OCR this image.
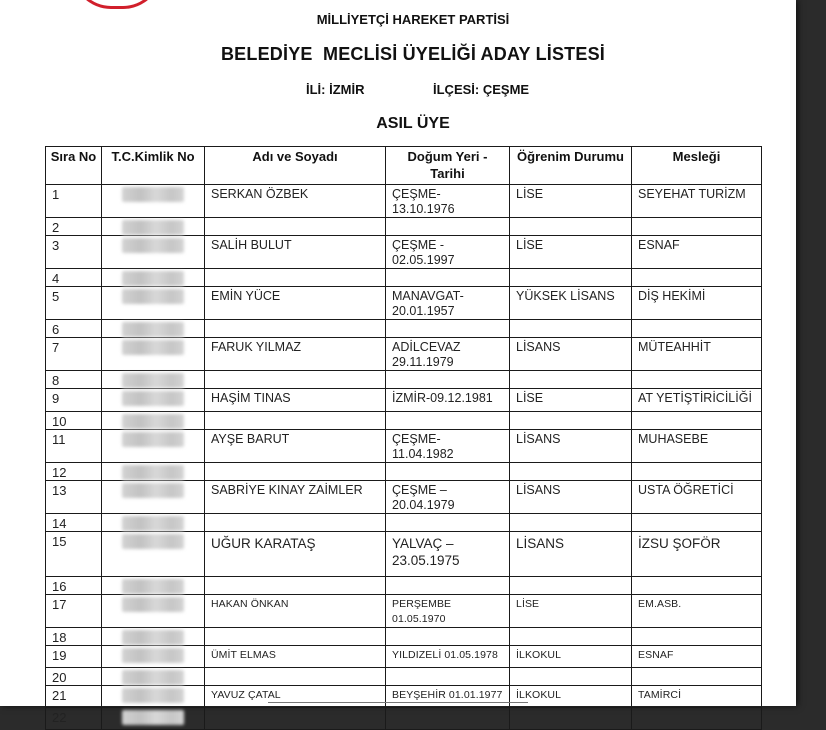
MİLLİYETÇİ HAREKET PARTİSİ
BELEDİYE  MECLİSİ ÜYELİĞİ ADAY LİSTESİ
İLİ: İZMİR	İLÇESİ: ÇEŞME
ASIL ÜYE
Sıra No	T.C.Kimlik No	Adı ve Soyadı	Doğum Yeri - Tarihi	Öğrenim Durumu	Mesleği
1		SERKAN ÖZBEK	ÇEŞME- 13.10.1976	LİSE	SEYEHAT TURİZM
2	

3		SALİH BULUT	ÇEŞME - 02.05.1997	LİSE	ESNAF
4	

5		EMİN YÜCE	MANAVGAT- 20.01.1957	YÜKSEK LİSANS	DİŞ HEKİMİ
6	

7		FARUK YILMAZ	ADİLCEVAZ 29.11.1979	LİSANS	MÜTEAHHİT
8	

9		HAŞİM TINAS	İZMİR-09.12.1981	LİSE	AT YETİŞTİRİCİLİĞİ
10	

11		AYŞE BARUT	ÇEŞME- 11.04.1982	LİSANS	MUHASEBE
12	

13		SABRİYE KINAY ZAİMLER	ÇEŞME – 20.04.1979	LİSANS	USTA ÖĞRETİCİ
14	

15		UĞUR KARATAŞ	YALVAÇ – 23.05.1975	LİSANS	İZSU ŞOFÖR
16	

17		HAKAN ÖNKAN	PERŞEMBE 01.05.1970	LİSE	EM.ASB.
18	

19		ÜMİT ELMAS	YILDIZELİ 01.05.1978	İLKOKUL	ESNAF
20	

21		YAVUZ ÇATAL	BEYŞEHİR 01.01.1977	İLKOKUL	TAMİRCİ
22	
